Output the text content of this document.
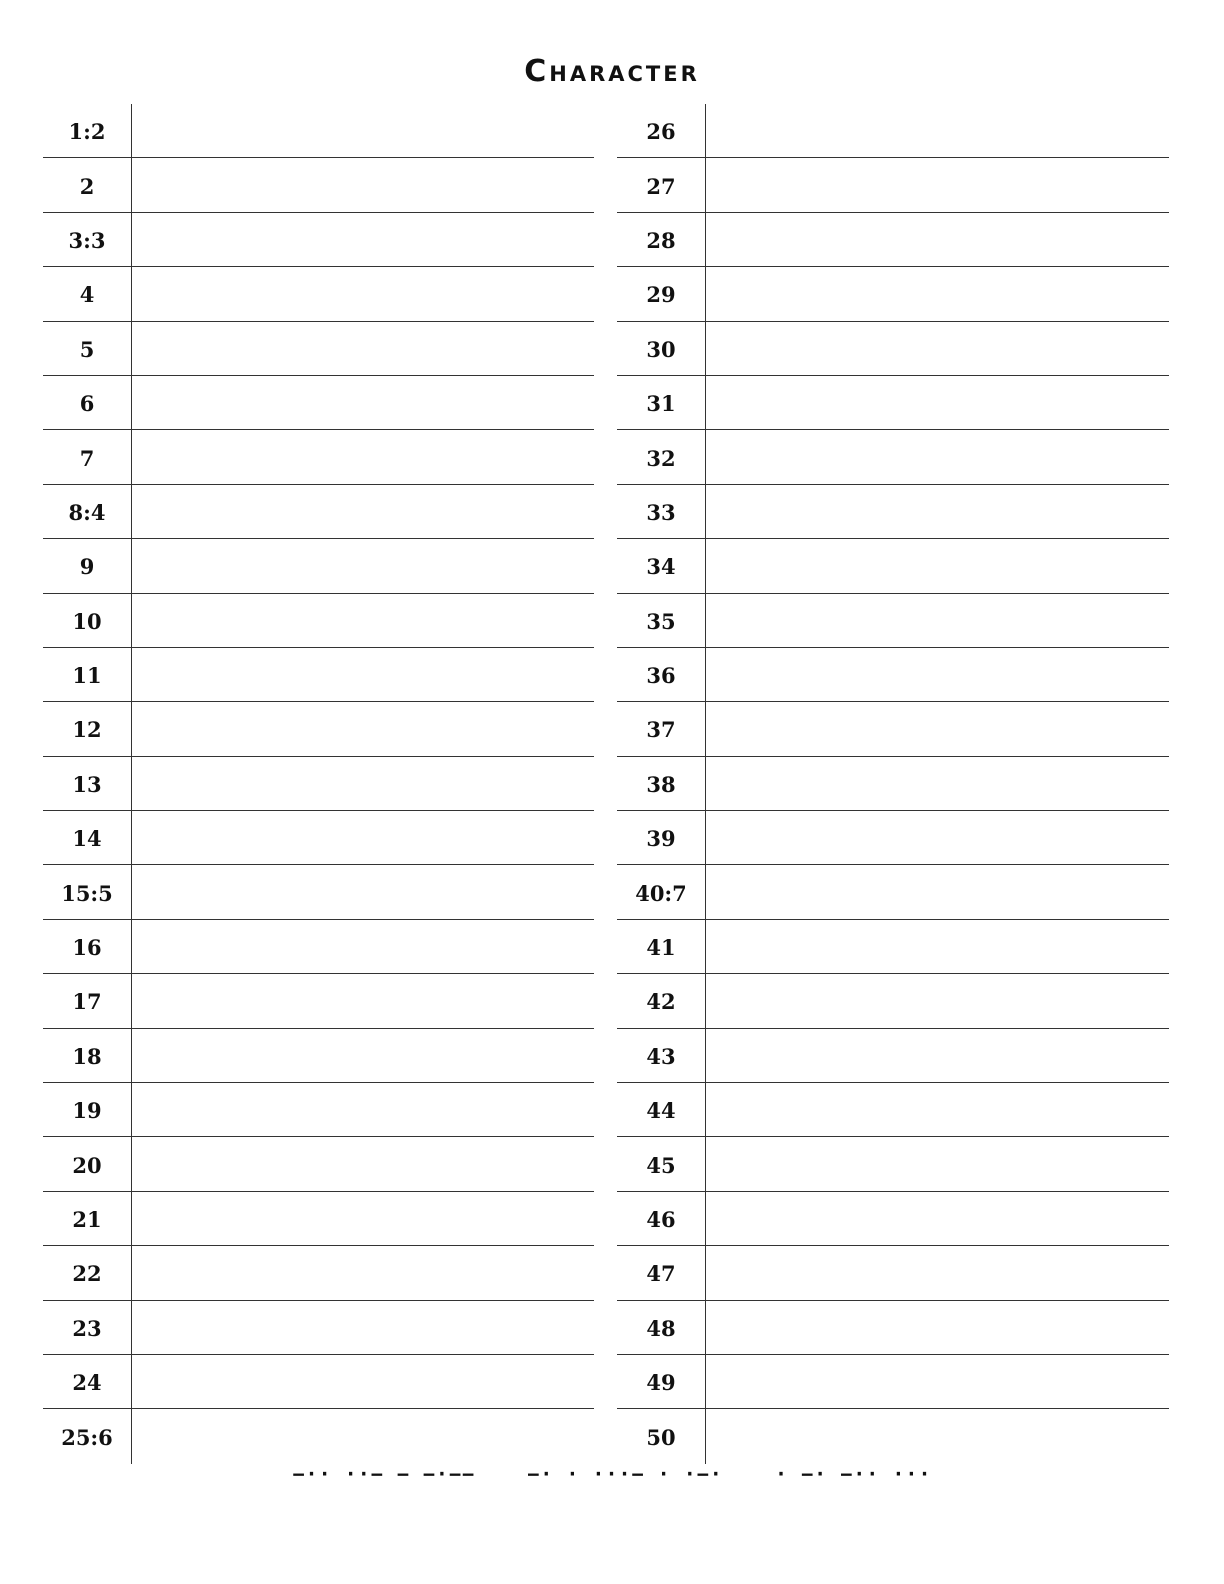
Character
1:2
2
3:3
4
5
6
7
8:4
9
10
11
12
13
14
15:5
16
17
18
19
20
21
22
23
24
25:6
26
27
28
29
30
31
32
33
34
35
36
37
38
39
40:7
41
42
43
44
45
46
47
48
49
50
−·· ··− − −·−−    −· · ···− · ·−·    · −· −·· ···
